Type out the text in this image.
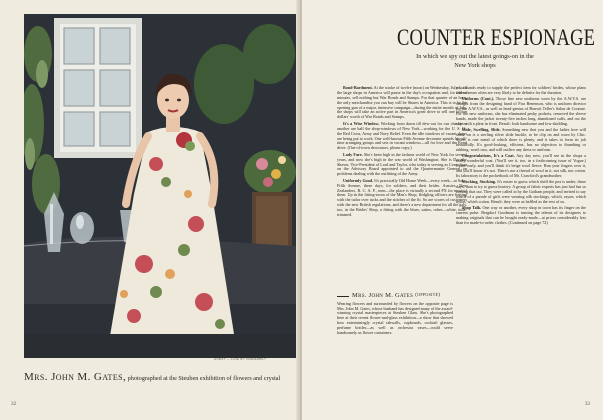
HORST — LUXE BY VANDERBILT
Mrs. John M. Gates, photographed at the Steuben exhibition of flowers and crystal
32
COUNTER ESPIONAGE
In which we spy out the latest goings-on in the New York shops

Bond-Bardment. At the stroke of twelve (noon) on Wednesday, July 1, all the large shops in America will pause in the day's occupation and, for fifteen minutes, sell nothing but War Bonds and Stamps. For that quarter of an hour, the only merchandise you can buy will be Shares in America. This is to be the opening gun of a major, intensive campaign—during the entire month of July, the shops will take an active part in America's great drive to sell one billion dollars' worth of War Bonds and Stamps.

It's a Wise Window. Working from dawn till dew-out for our charity or another are half the shop-windows of New York—working for the U. S. O., the Red Cross, Army and Navy Relief. Even the idle windows of vacant shops are being put to work. One well-known Fifth Avenue decorator spends his off-time arranging groups and sets in vacant windows—all for love and the Bond drive. (Out-of-town decorators, please copy.)

Lady Fare. She's been high in the fashion world of New York for several years, and now she's high in the war world of Washington. She is Dorothy Shaver, Vice-President of Lord and Taylor, who today is serving as Consultant on the Advisory Board appointed to aid the Quartermaster General on problems dealing with the outfitting of the Army.

Uniformly Good. It's practically Old Home Week—every week—at Saks-Fifth Avenue, these days, for soldiers, and their brides. Aussies, New Zealanders, R. C. A. F., men—the place is virtually a second PX for most of them. Up in the fitting-room of the Men's Shop, fledgling officers are fretting with the tailor over tucks and the stitches of the fit. So are scores of customers with the new British regulations; and there's a new department for all the gals, too, in the Brides' Shop, a fitting with the blues, satins, robes—white, tulle-trimmed.

must stands ready to supply the perfect item for soldiers' brides, whose plans and schemes often are very likely to be definite for the duration.

Uniforms (Cont.). Those fine new uniforms worn by the A.W.V.S. are straight from the designing hand of Fira Benenson, who is uniform director for the A.W.V.S., as well as head-genius of Bonwit Teller's Salon de Couture. For the new uniforms, she has eliminated pesky pockets, removed the sleeve bands, made the jacket twenty-five inches long, abandoned cuffs, and cut the skirt with a pleat in front. Result: look handsome and low-skidding.

Slide, Swelling, Slide. Something new that you and the ladies love will smile on is a sterling silver slide buckle, to be clip on and worn by Chic. Silver is one metal of which there is plenty, and it takes to form its job beautifully. It's good-looking, efficient, has no objection to thumbing or tabbing, won't rust, and will outlive any dress or uniform.

Congratulations, It's a Coat. Any day now, you'll see in the shops a really wonderful coat. (You'll see it, too, in a forthcoming issue of Vogue.) Come early, and you'll think it's beige wool fleece. Run your fingers over it, and you'll know it's not. There's not a thread of wool in it, not silk, not cotton. Its laboratory is the pocketbook of Mr. Crawford's grandmother.

Stocking, Stocking. It's easier to guess which shelf the pea is under, these days, than to try to guess hosiery. A group of fabric experts has just had fun so finding that out. They were called in by the Gotham people, and invited to say which of a parade of girls were wearing silk stockings, which, rayon, which nylon, which cotton. Result: they were as baffled as the rest of us.

Shop Talk. One way or another, every shop in town has its finger on the current pulse. Bergdorf Goodman is turning the talents of its designers to making originals that can be bought ready-made—at prices considerably less than for made-to-order clothes. (Continued on page 72)

Mrs. John M. Gates (opposite)
Wearing flowers and surrounded by flowers on the opposite page is Mrs. John M. Gates, whose husband has designed many of the award-winning crystal masterpieces at Steuben Glass. She's photographed here at their recent flower-and-glass exhibition—a show that showed how entertainingly crystal tabwalls, cupboards, cocktail glasses, perfume bottles—as well as orchestra vases—could serve handsomely as flower containers.
33
